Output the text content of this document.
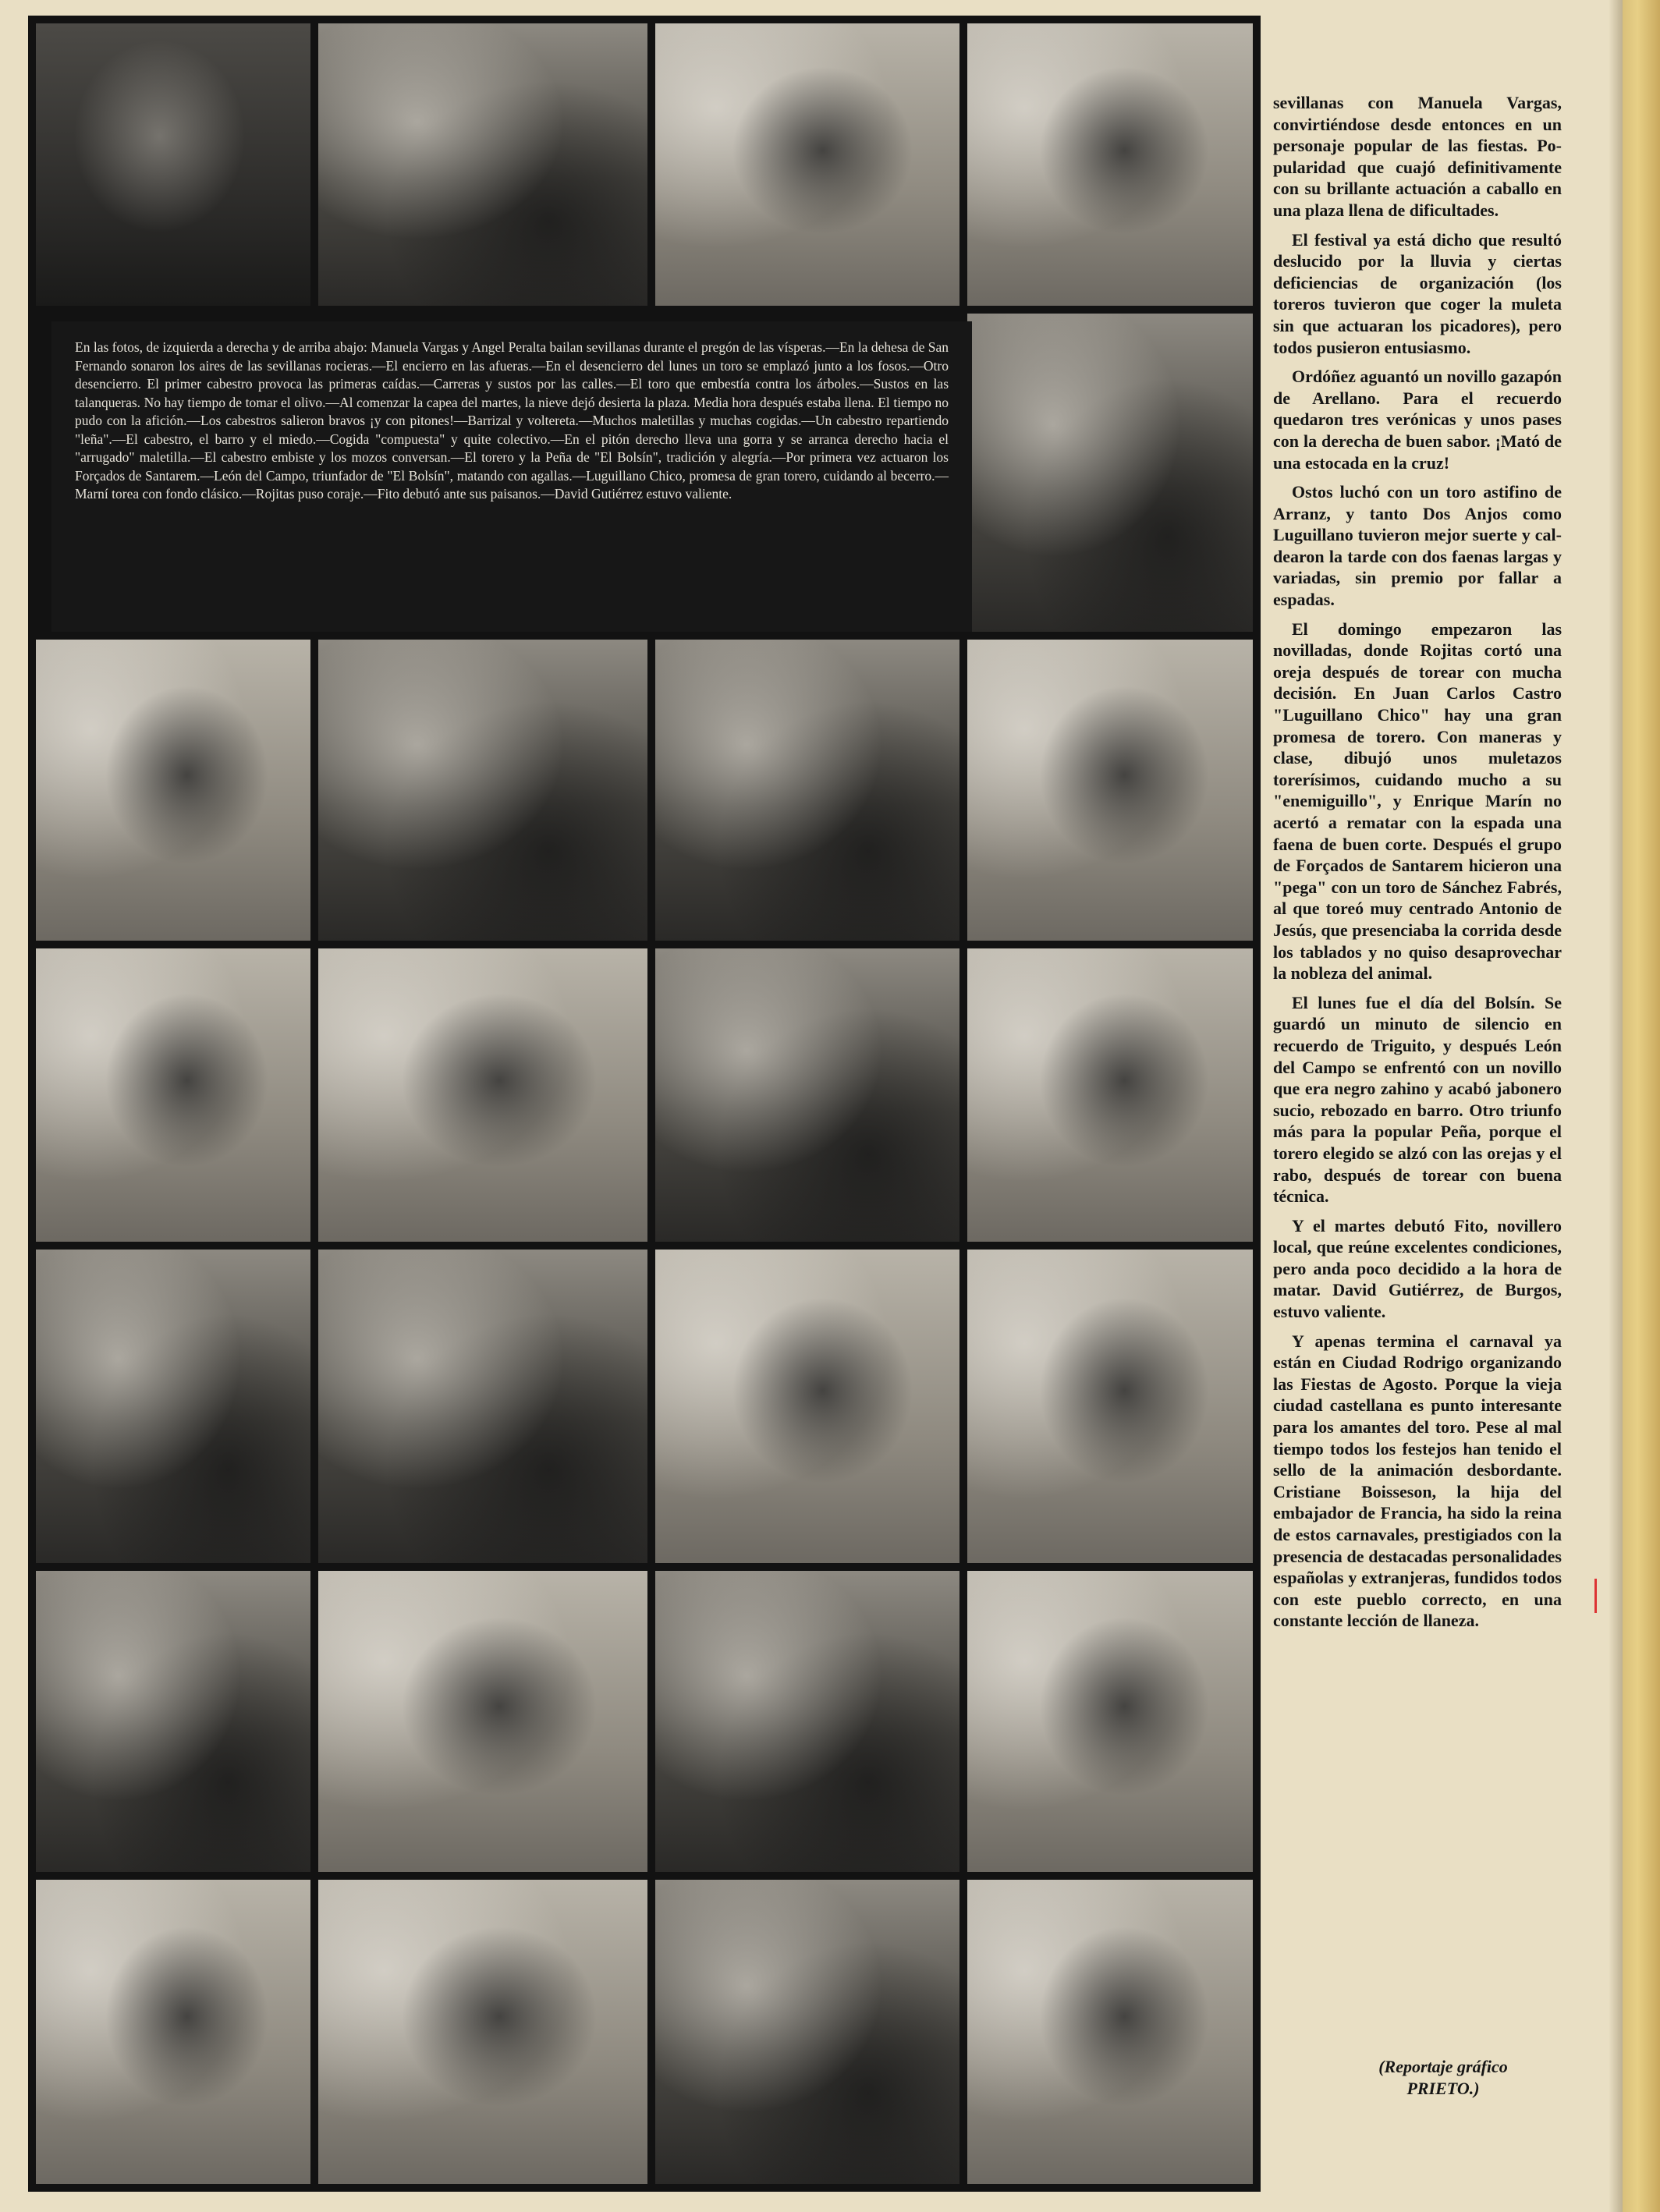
En las fotos, de izquierda a derecha y de arriba abajo: Manuela Vargas y Angel Peralta bailan sevillanas durante el pregón de las vísperas.—En la dehesa de San Fernando sonaron los aires de las sevillanas rocieras.—El encierro en las afueras.—En el desencierro del lunes un toro se emplazó junto a los fosos.—Otro desencierro. El primer cabestro provoca las primeras caídas.—Carreras y sustos por las calles.—El toro que embestía contra los árboles.—Sustos en las talanqueras. No hay tiempo de tomar el olivo.—Al comenzar la capea del martes, la nieve dejó desierta la plaza. Media hora después estaba llena. El tiempo no pudo con la afición.—Los cabestros salieron bravos ¡y con pitones!—Barrizal y voltereta.—Muchos maletillas y muchas cogidas.—Un cabestro repartiendo "leña".—El cabestro, el barro y el miedo.—Cogida "compuesta" y quite colectivo.—En el pitón derecho lleva una gorra y se arranca derecho hacia el "arrugado" maletilla.—El cabestro embiste y los mozos conversan.—El torero y la Peña de "El Bolsín", tradición y alegría.—Por primera vez actuaron los Forçados de Santarem.—León del Campo, triunfador de "El Bolsín", matando con agallas.—Luguillano Chico, promesa de gran torero, cuidando al becerro.—Marní torea con fondo clásico.—Rojitas puso coraje.—Fito debutó ante sus paisanos.—David Gutiérrez estuvo valiente.

sevillanas con Manuela Vargas, convirtiéndose desde entonces en un personaje popular de las fiestas. Popularidad que cuajó definitivamente con su brillante actuación a caballo en una plaza llena de dificultades.

El festival ya está dicho que resultó deslucido por la lluvia y ciertas deficiencias de organización (los toreros tuvieron que coger la muleta sin que actuaran los picadores), pero todos pusieron entusiasmo.

Ordóñez aguantó un novillo gazapón de Arellano. Para el recuerdo quedaron tres verónicas y unos pases con la derecha de buen sabor. ¡Mató de una estocada en la cruz!

Ostos luchó con un toro astifino de Arranz, y tanto Dos Anjos como Luguillano tuvieron mejor suerte y caldearon la tarde con dos faenas largas y variadas, sin premio por fallar a espadas.

El domingo empezaron las novilladas, donde Rojitas cortó una oreja después de torear con mucha decisión. En Juan Carlos Castro "Luguillano Chico" hay una gran promesa de torero. Con maneras y clase, dibujó unos muletazos torerísimos, cuidando mucho a su "enemiguillo", y Enrique Marín no acertó a rematar con la espada una faena de buen corte. Después el grupo de Forçados de Santarem hicieron una "pega" con un toro de Sánchez Fabrés, al que toreó muy centrado Antonio de Jesús, que presenciaba la corrida desde los tablados y no quiso desaprovechar la nobleza del animal.

El lunes fue el día del Bolsín. Se guardó un minuto de silencio en recuerdo de Triguito, y después León del Campo se enfrentó con un novillo que era negro zahino y acabó jabonero sucio, rebozado en barro. Otro triunfo más para la popular Peña, porque el torero elegido se alzó con las orejas y el rabo, después de torear con buena técnica.

Y el martes debutó Fito, novillero local, que reúne excelentes condiciones, pero anda poco decidido a la hora de matar. David Gutiérrez, de Burgos, estuvo valiente.

Y apenas termina el carnaval ya están en Ciudad Rodrigo organizando las Fiestas de Agosto. Porque la vieja ciudad castellana es punto interesante para los amantes del toro. Pese al mal tiempo todos los festejos han tenido el sello de la animación desbordante. Cristiane Boisseson, la hija del embajador de Francia, ha sido la reina de estos carnavales, prestigiados con la presencia de destacadas personalidades españolas y extranjeras, fundidos todos con este pueblo correcto, en una constante lección de llaneza.

(Reportaje gráfico
PRIETO.)
